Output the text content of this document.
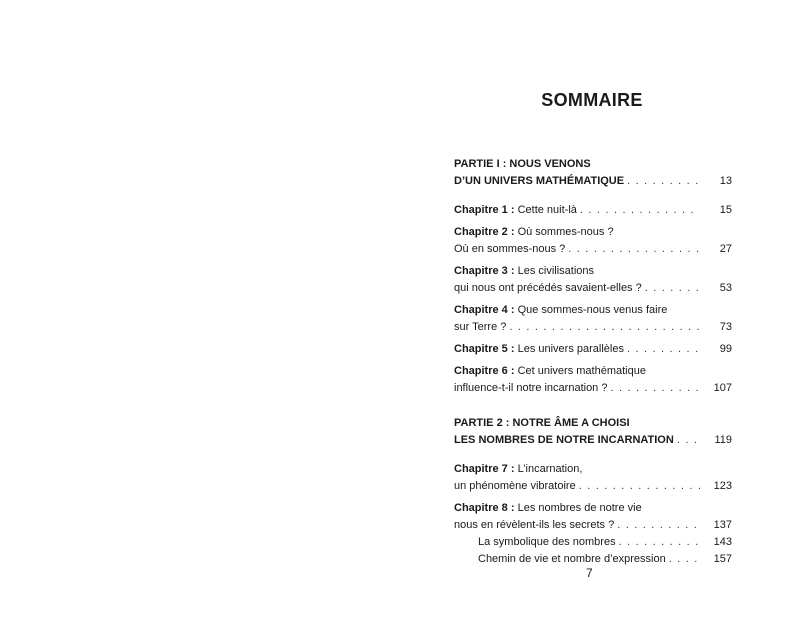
SOMMAIRE
PARTIE I : NOUS VENONS
D’UN UNIVERS MATHÉMATIQUE . . .	13
Chapitre 1 : Cette nuit-là . . .	15
Chapitre 2 : Où sommes-nous ?
Où en sommes-nous ? . . .	27
Chapitre 3 : Les civilisations
qui nous ont précédés savaient-elles ? . . .	53
Chapitre 4 : Que sommes-nous venus faire
sur Terre ? . . .	73
Chapitre 5 : Les univers parallèles . . .	99
Chapitre 6 : Cet univers mathématique
influence-t-il notre incarnation ? . . .	107
PARTIE 2 : NOTRE ÂME A CHOISI
LES NOMBRES DE NOTRE INCARNATION . . .	119
Chapitre 7 : L’incarnation,
un phénomène vibratoire . . .	123
Chapitre 8 : Les nombres de notre vie
nous en révèlent-ils les secrets ? . . .	137
La symbolique des nombres . . .	143
Chemin de vie et nombre d’expression . . .	157
7
